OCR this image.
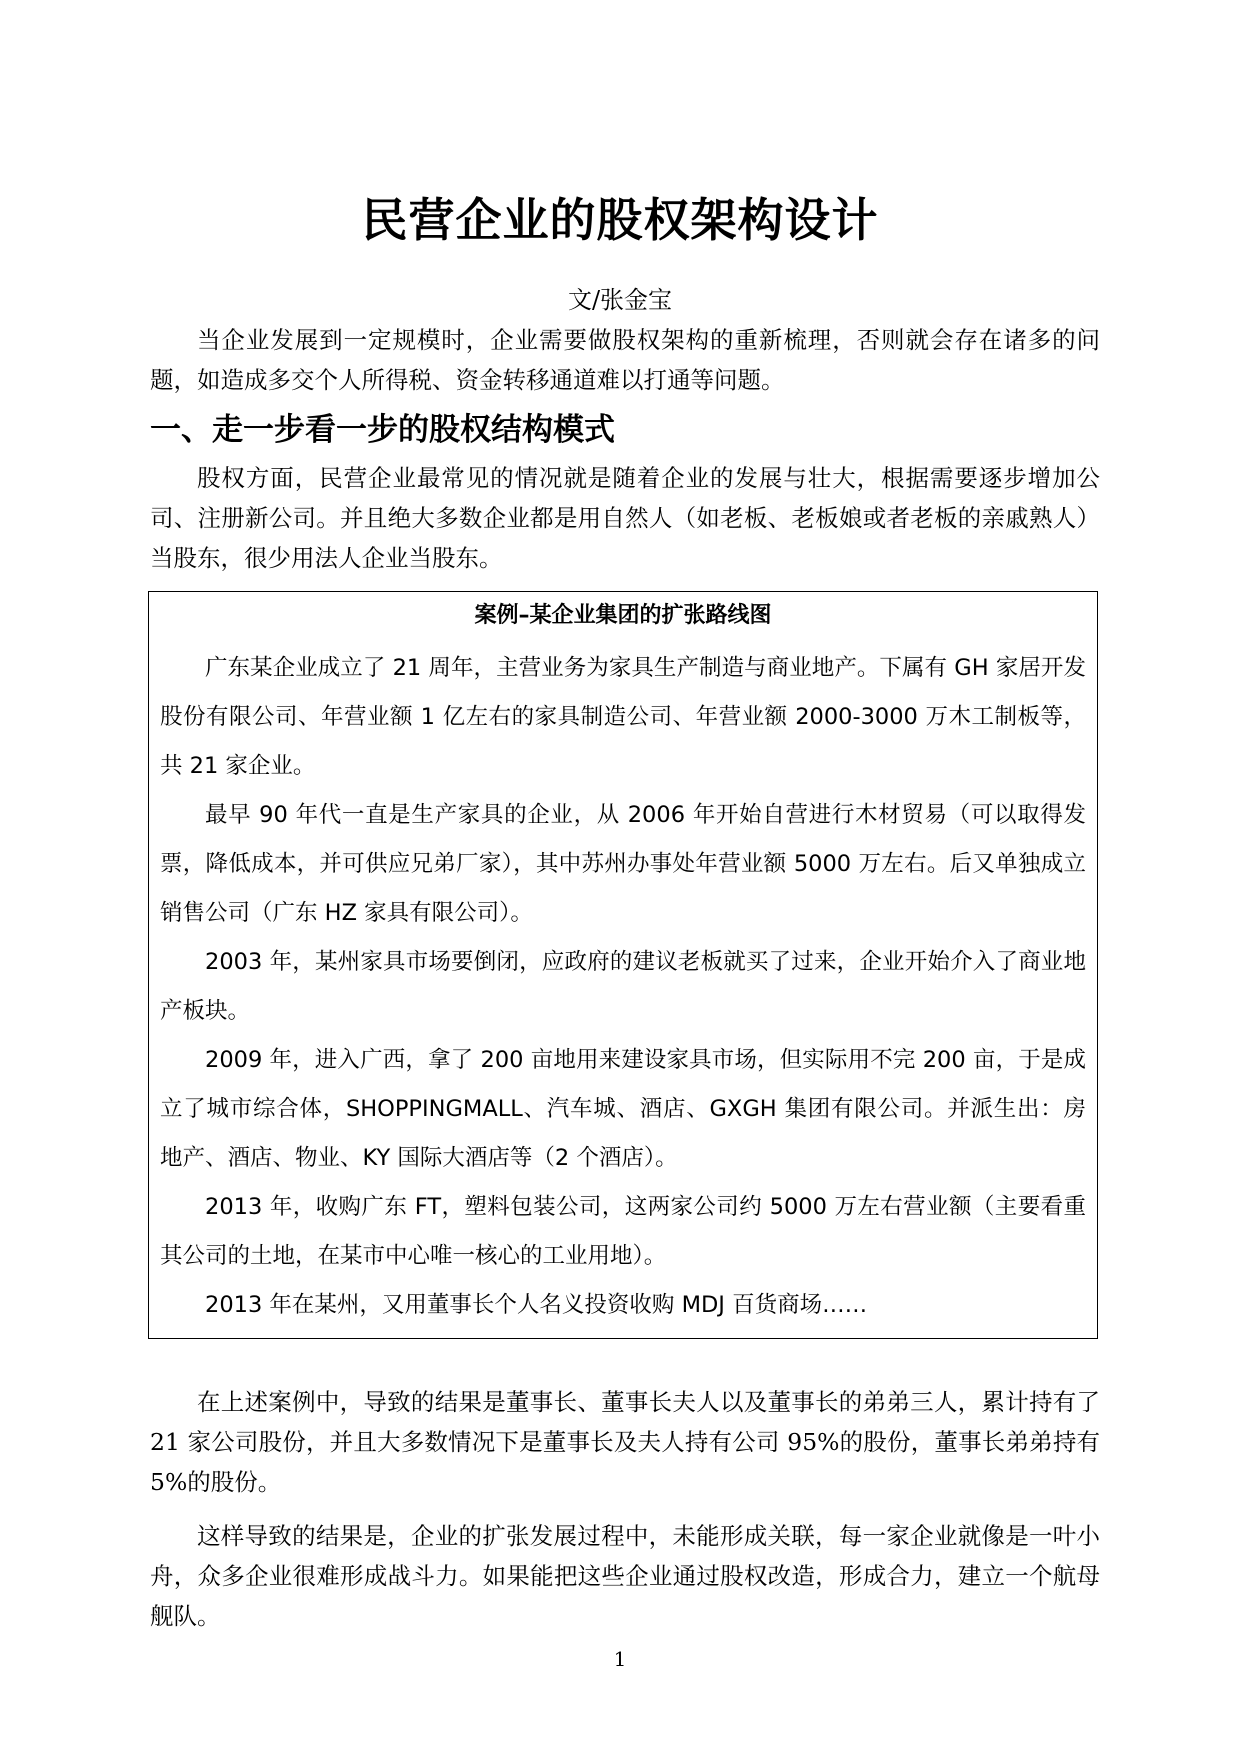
民营企业的股权架构设计
文/张金宝

当企业发展到一定规模时，企业需要做股权架构的重新梳理，否则就会存在诸多的问题，如造成多交个人所得税、资金转移通道难以打通等问题。

一、走一步看一步的股权结构模式

股权方面，民营企业最常见的情况就是随着企业的发展与壮大，根据需要逐步增加公司、注册新公司。并且绝大多数企业都是用自然人（如老板、老板娘或者老板的亲戚熟人）当股东，很少用法人企业当股东。

案例–某企业集团的扩张路线图

广东某企业成立了 21 周年，主营业务为家具生产制造与商业地产。下属有 GH 家居开发股份有限公司、年营业额 1 亿左右的家具制造公司、年营业额 2000-3000 万木工制板等，共 21 家企业。

最早 90 年代一直是生产家具的企业，从 2006 年开始自营进行木材贸易（可以取得发票，降低成本，并可供应兄弟厂家），其中苏州办事处年营业额 5000 万左右。后又单独成立销售公司（广东 HZ 家具有限公司）。

2003 年，某州家具市场要倒闭，应政府的建议老板就买了过来，企业开始介入了商业地产板块。

2009 年，进入广西，拿了 200 亩地用来建设家具市场，但实际用不完 200 亩，于是成立了城市综合体，SHOPPINGMALL、汽车城、酒店、GXGH 集团有限公司。并派生出：房地产、酒店、物业、KY 国际大酒店等（2 个酒店）。

2013 年，收购广东 FT，塑料包装公司，这两家公司约 5000 万左右营业额（主要看重其公司的土地，在某市中心唯一核心的工业用地）。

2013 年在某州，又用董事长个人名义投资收购 MDJ 百货商场……

在上述案例中，导致的结果是董事长、董事长夫人以及董事长的弟弟三人，累计持有了 21 家公司股份，并且大多数情况下是董事长及夫人持有公司 95%的股份，董事长弟弟持有 5%的股份。

这样导致的结果是，企业的扩张发展过程中，未能形成关联，每一家企业就像是一叶小舟，众多企业很难形成战斗力。如果能把这些企业通过股权改造，形成合力，建立一个航母舰队。

1
